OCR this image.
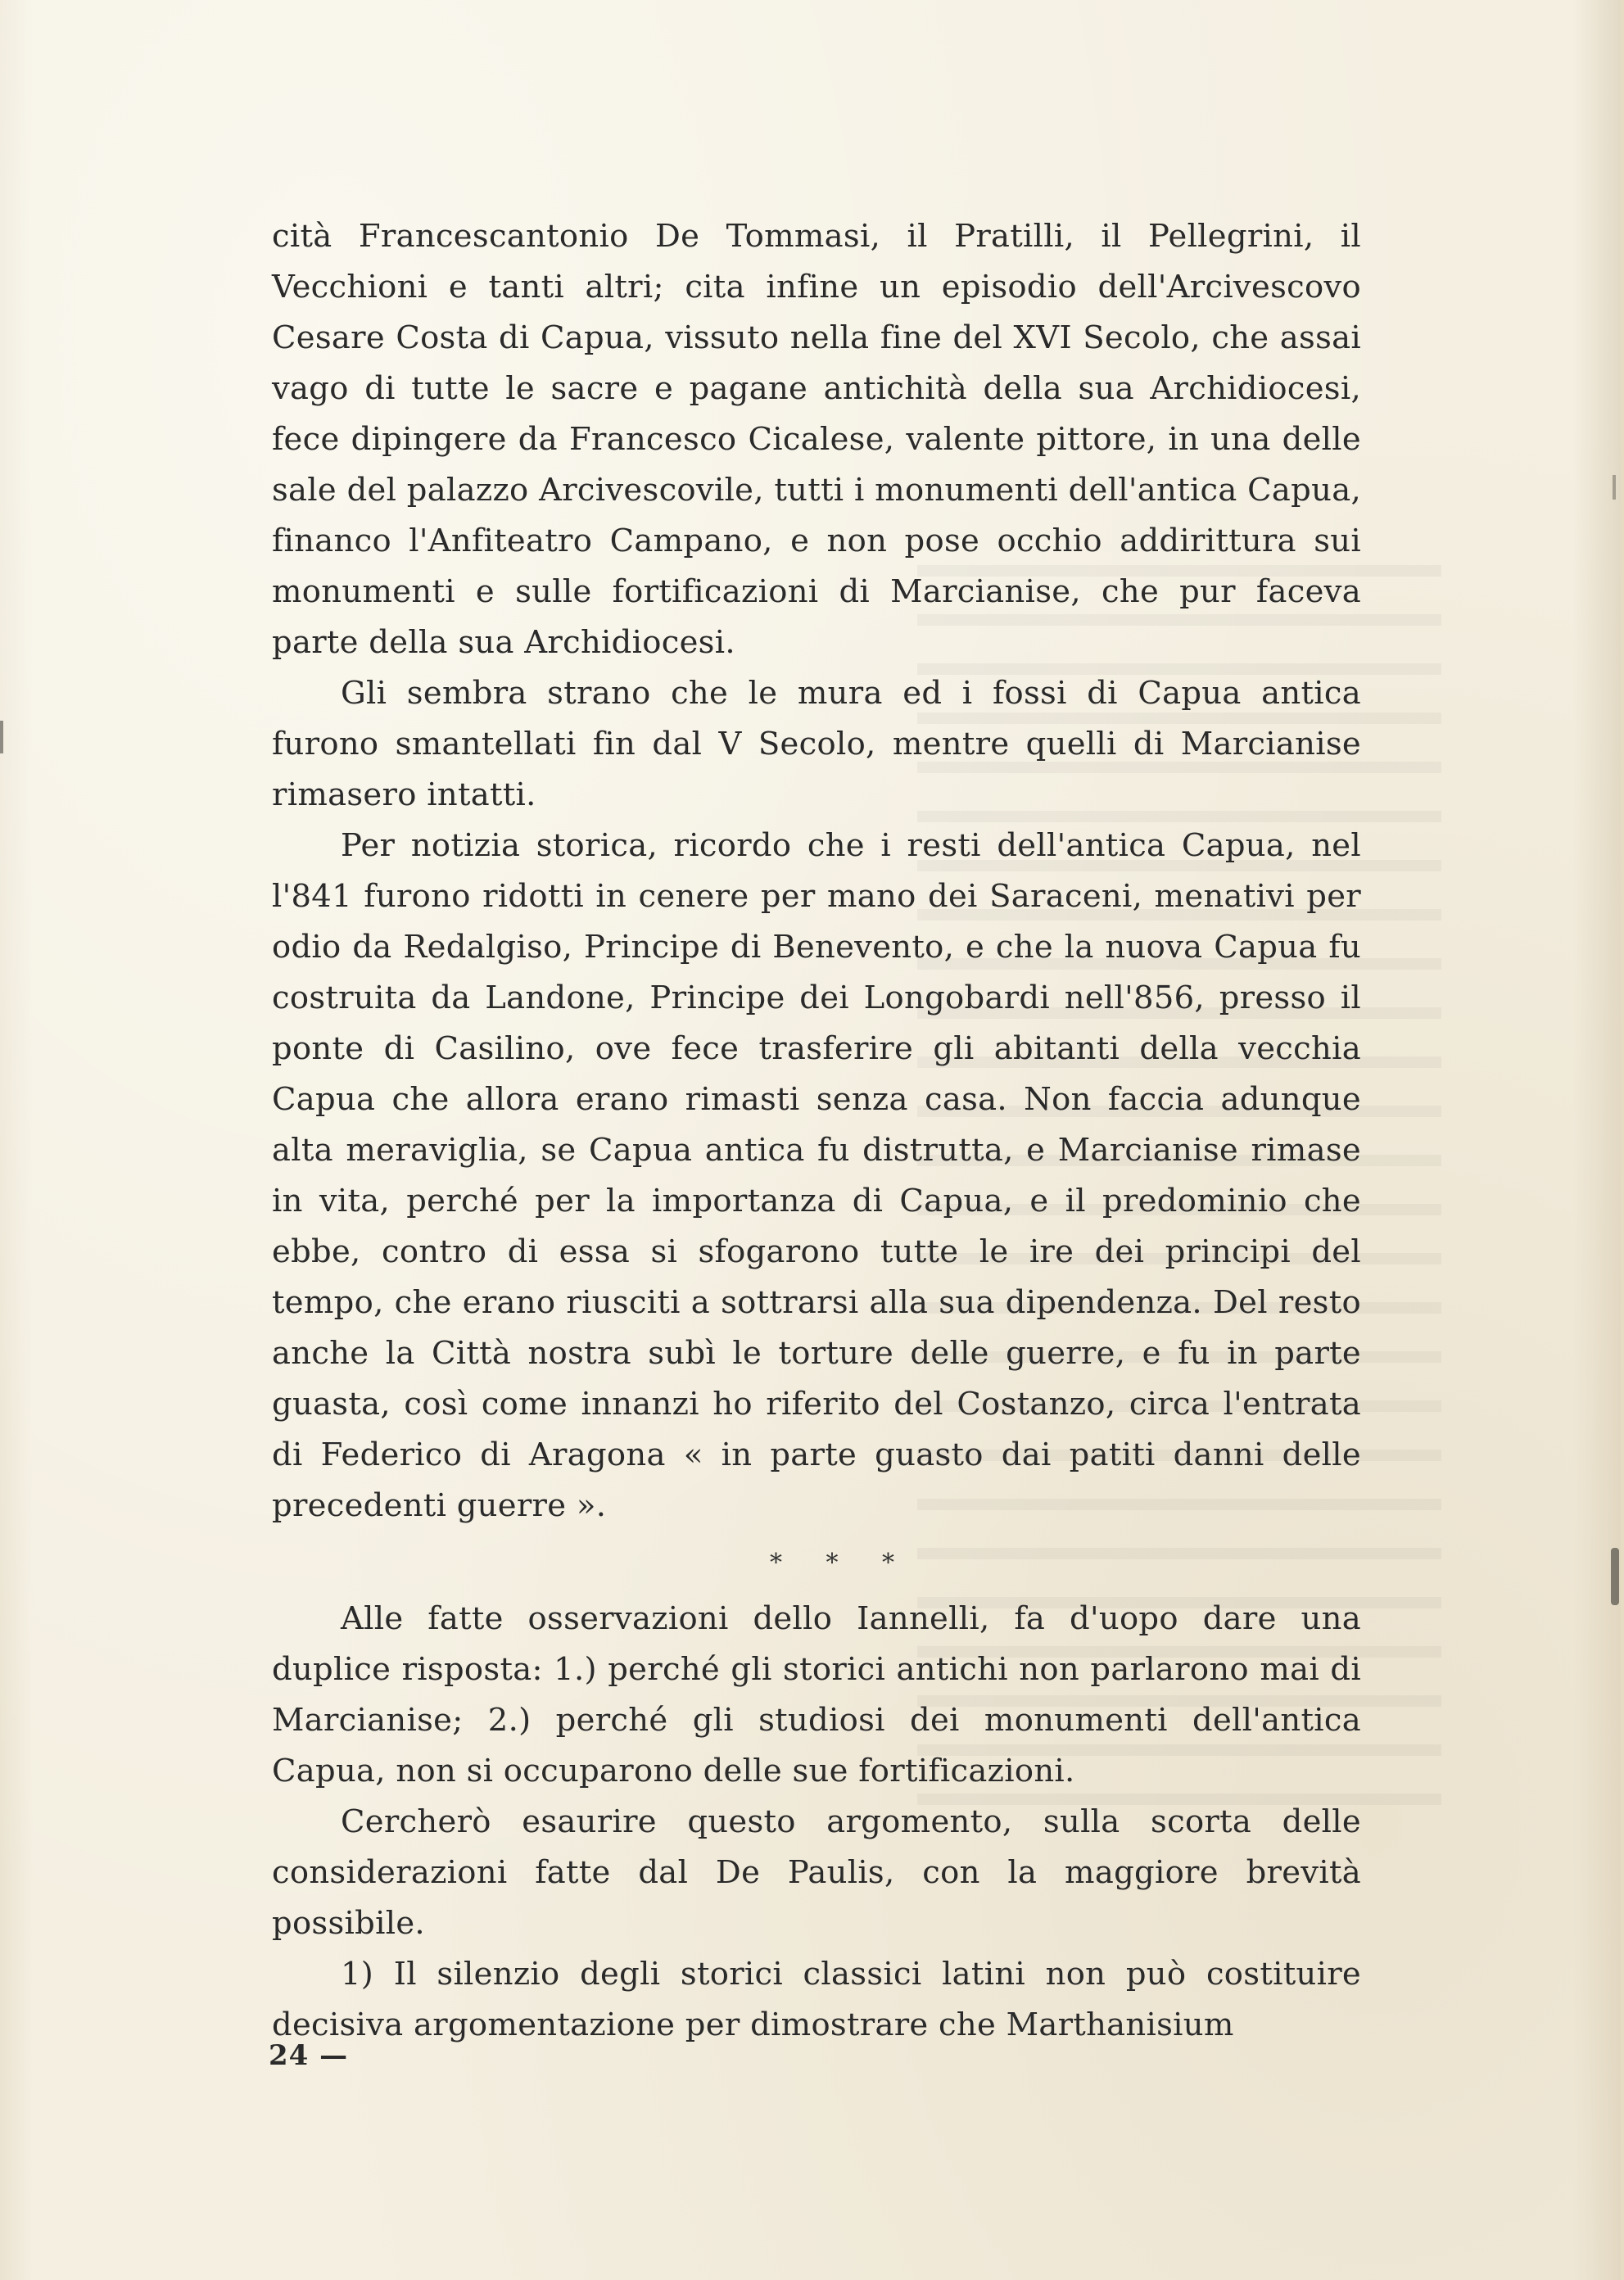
cità Francescantonio De Tommasi, il Pratilli, il Pellegrini, il Vecchioni e tanti altri; cita infine un episodio dell'Arcivescovo Cesare Costa di Capua, vissuto nella fine del XVI Secolo, che assai vago di tutte le sacre e pagane antichità della sua Archidiocesi, fece dipingere da Francesco Cicalese, valente pittore, in una delle sale del palazzo Arcivescovile, tutti i monumenti dell'antica Capua, financo l'Anfiteatro Campano, e non pose occhio addirittura sui monumenti e sulle fortificazioni di Marcianise, che pur faceva parte della sua Archidiocesi.

Gli sembra strano che le mura ed i fossi di Capua antica furono smantellati fin dal V Secolo, mentre quelli di Marcianise rimasero intatti.

Per notizia storica, ricordo che i resti dell'antica Capua, nel l'841 furono ridotti in cenere per mano dei Saraceni, menativi per odio da Redalgiso, Principe di Benevento, e che la nuova Capua fu costruita da Landone, Principe dei Longobardi nell'856, presso il ponte di Casilino, ove fece trasferire gli abitanti della vecchia Capua che allora erano rimasti senza casa. Non faccia adunque alta meraviglia, se Capua antica fu distrutta, e Marcianise rimase in vita, perché per la importanza di Capua, e il predominio che ebbe, contro di essa si sfogarono tutte le ire dei principi del tempo, che erano riusciti a sottrarsi alla sua dipendenza. Del resto anche la Città nostra subì le torture delle guerre, e fu in parte guasta, così come innanzi ho riferito del Costanzo, circa l'entrata di Federico di Aragona « in parte guasto dai patiti danni delle precedenti guerre ».

* * *

Alle fatte osservazioni dello Iannelli, fa d'uopo dare una duplice risposta: 1.) perché gli storici antichi non parlarono mai di Marcianise; 2.) perché gli studiosi dei monumenti dell'antica Capua, non si occuparono delle sue fortificazioni.

Cercherò esaurire questo argomento, sulla scorta delle considerazioni fatte dal De Paulis, con la maggiore brevità possibile.

1) Il silenzio degli storici classici latini non può costituire decisiva argomentazione per dimostrare che Marthanisium

24 —
